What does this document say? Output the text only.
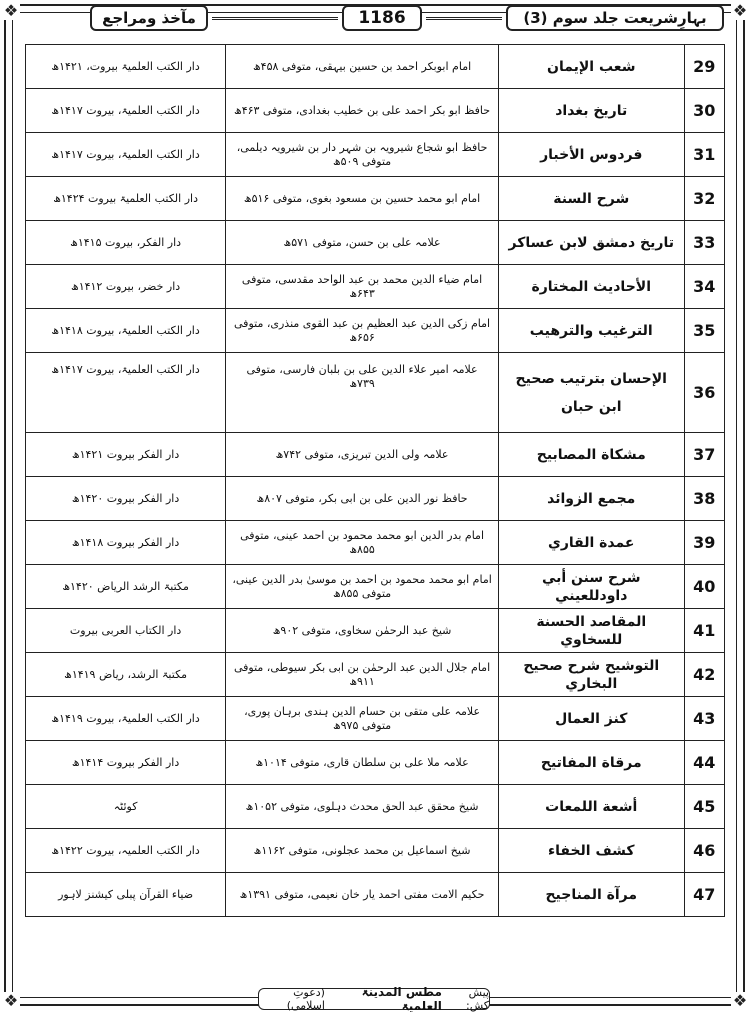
❖	❖
❖	❖
بہارِشریعت جلد سوم (3)
1186
مآخذ ومراجع
29	شعب الإيمان	امام ابوبکر احمد بن حسین بیہقی، متوفی ۴۵۸ھ	دار الکتب العلمیۃ بیروت، ۱۴۲۱ھ
30	تاريخ بغداد	حافظ ابو بکر احمد علی بن خطیب بغدادی، متوفی ۴۶۳ھ	دار الکتب العلمیۃ، بیروت ۱۴۱۷ھ
31	فردوس الأخبار	حافظ ابو شجاع شیرویہ بن شہر دار بن شیرویہ دیلمی، متوفی ۵۰۹ھ	دار الکتب العلمیۃ، بیروت ۱۴۱۷ھ
32	شرح السنة	امام ابو محمد حسین بن مسعود بغوی، متوفی ۵۱۶ھ	دار الکتب العلمیۃ بیروت ۱۴۲۴ھ
33	تاريخ دمشق لابن عساكر	علامہ علی بن حسن، متوفی ۵۷۱ھ	دار الفکر، بیروت ۱۴۱۵ھ
34	الأحاديث المختارة	امام ضیاء الدین محمد بن عبد الواحد مقدسی، متوفی ۶۴۳ھ	دار خضر، بیروت ۱۴۱۲ھ
35	الترغيب والترهيب	امام زکی الدین عبد العظیم بن عبد القوی منذری، متوفی ۶۵۶ھ	دار الکتب العلمیۃ، بیروت ۱۴۱۸ھ
36	الإحسان بترتيب صحيح ابن حبان	علامہ امیر علاء الدین علی بن بلبان فارسی، متوفی ۷۳۹ھ	دار الکتب العلمیۃ، بیروت ۱۴۱۷ھ
37	مشكاة المصابيح	علامہ ولی الدین تبریزی، متوفی ۷۴۲ھ	دار الفکر بیروت ۱۴۲۱ھ
38	مجمع الزوائد	حافظ نور الدین علی بن ابی بکر، متوفی ۸۰۷ھ	دار الفکر بیروت ۱۴۲۰ھ
39	عمدة القاري	امام بدر الدین ابو محمد محمود بن احمد عینی، متوفی ۸۵۵ھ	دار الفکر بیروت ۱۴۱۸ھ
40	شرح سنن أبي داودللعيني	امام ابو محمد محمود بن احمد بن موسیٰ بدر الدین عینی، متوفی ۸۵۵ھ	مکتبۃ الرشد الریاض ۱۴۲۰ھ
41	المقاصد الحسنة للسخاوي	شیخ عبد الرحمٰن سخاوی، متوفی ۹۰۲ھ	دار الکتاب العربی بیروت
42	التوشيح شرح صحيح البخاري	امام جلال الدین عبد الرحمٰن بن ابی بکر سیوطی، متوفی ۹۱۱ھ	مکتبۃ الرشد، ریاض ۱۴۱۹ھ
43	كنز العمال	علامہ علی متقی بن حسام الدین ہندی برہان پوری، متوفی ۹۷۵ھ	دار الکتب العلمیۃ، بیروت ۱۴۱۹ھ
44	مرقاة المفاتيح	علامہ ملا علی بن سلطان قاری، متوفی ۱۰۱۴ھ	دار الفکر بیروت ۱۴۱۴ھ
45	أشعة اللمعات	شیخ محقق عبد الحق محدث دہلوی، متوفی ۱۰۵۲ھ	کوئٹہ
46	كشف الخفاء	شیخ اسماعیل بن محمد عجلونی، متوفی ۱۱۶۲ھ	دار الکتب العلمیہ، بیروت ۱۴۲۲ھ
47	مرآة المناجيح	حکیم الامت مفتی احمد یار خان نعیمی، متوفی ۱۳۹۱ھ	ضیاء القرآن پبلی کیشنز لاہور
پیش کش:
مطس المدینۃ العلمیۃ
(دعوتِ اسلامی)
